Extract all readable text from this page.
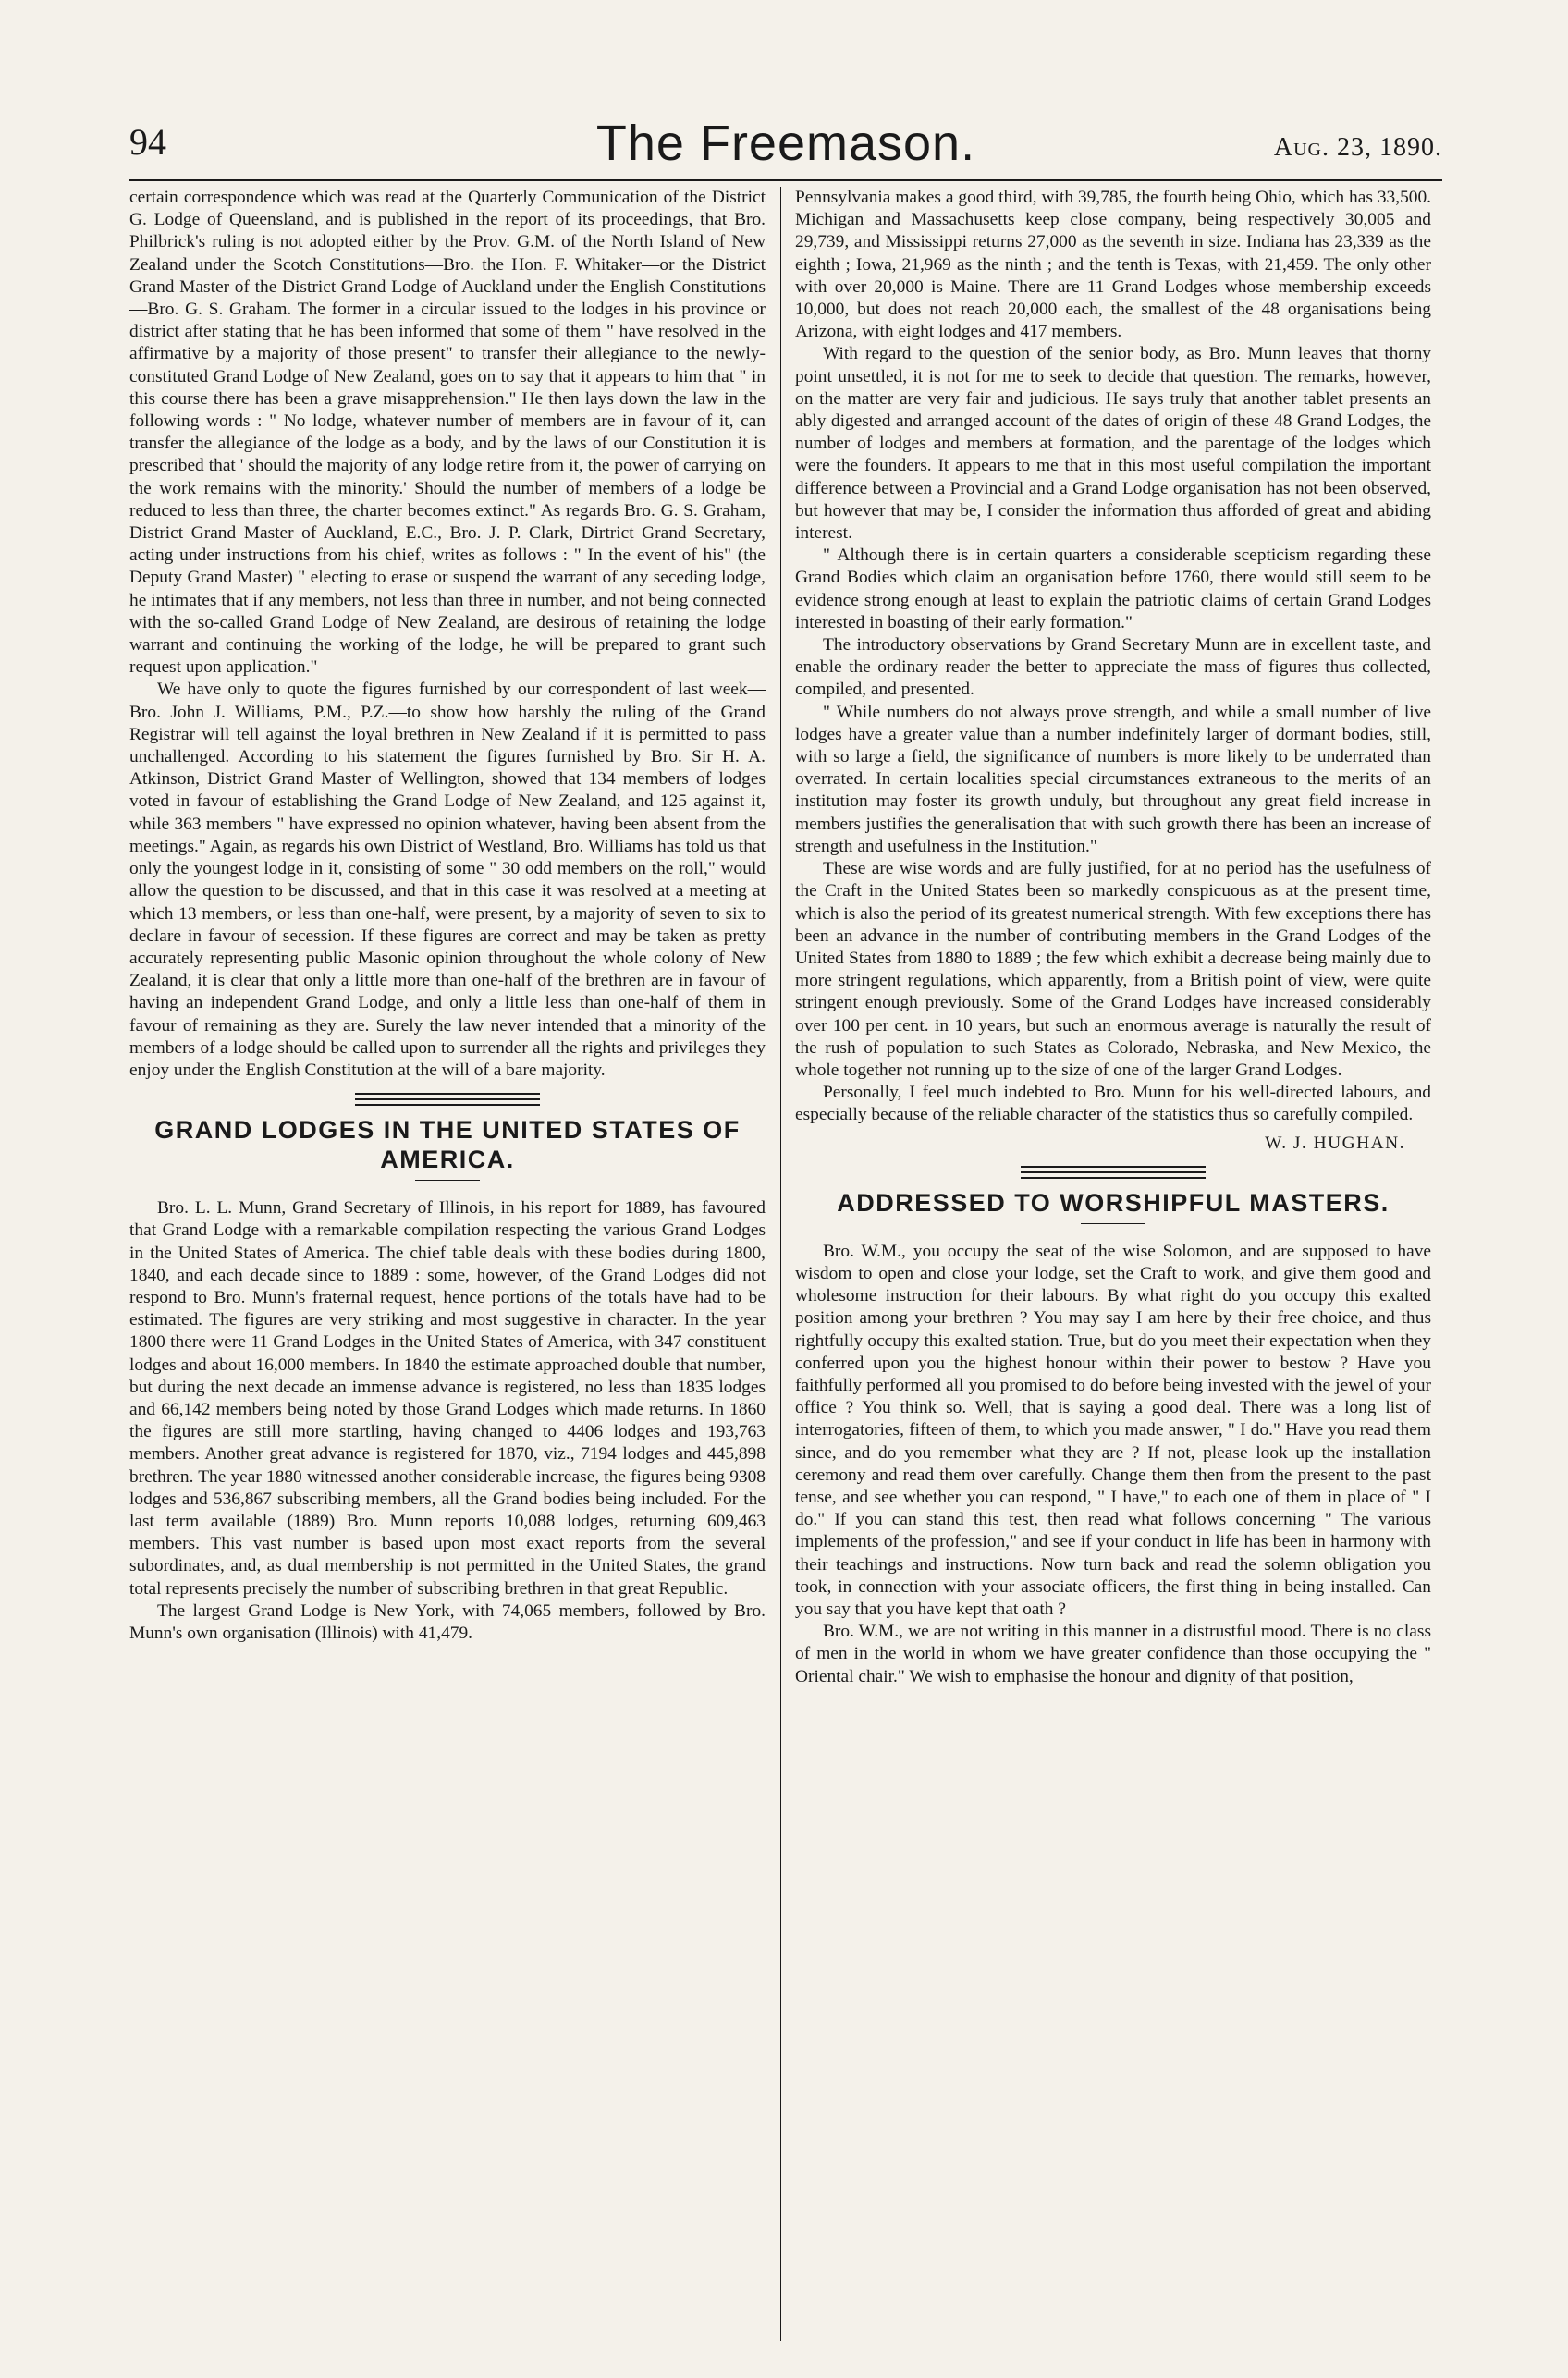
94	The Freemason.	Aug. 23, 1890.

certain correspondence which was read at the Quarterly Communication of the District G. Lodge of Queensland, and is published in the report of its proceedings, that Bro. Philbrick's ruling is not adopted either by the Prov. G.M. of the North Island of New Zealand under the Scotch Constitutions—Bro. the Hon. F. Whitaker—or the District Grand Master of the District Grand Lodge of Auckland under the English Constitutions—Bro. G. S. Graham. The former in a circular issued to the lodges in his province or district after stating that he has been informed that some of them " have resolved in the affirmative by a majority of those present" to transfer their allegiance to the newly-constituted Grand Lodge of New Zealand, goes on to say that it appears to him that " in this course there has been a grave misapprehension." He then lays down the law in the following words : " No lodge, whatever number of members are in favour of it, can transfer the allegiance of the lodge as a body, and by the laws of our Constitution it is prescribed that ' should the majority of any lodge retire from it, the power of carrying on the work remains with the minority.' Should the number of members of a lodge be reduced to less than three, the charter becomes extinct." As regards Bro. G. S. Graham, District Grand Master of Auckland, E.C., Bro. J. P. Clark, Dirtrict Grand Secretary, acting under instructions from his chief, writes as follows : " In the event of his" (the Deputy Grand Master) " electing to erase or suspend the warrant of any seceding lodge, he intimates that if any members, not less than three in number, and not being connected with the so-called Grand Lodge of New Zealand, are desirous of retaining the lodge warrant and continuing the working of the lodge, he will be prepared to grant such request upon application."

We have only to quote the figures furnished by our correspondent of last week—Bro. John J. Williams, P.M., P.Z.—to show how harshly the ruling of the Grand Registrar will tell against the loyal brethren in New Zealand if it is permitted to pass unchallenged. According to his statement the figures furnished by Bro. Sir H. A. Atkinson, District Grand Master of Wellington, showed that 134 members of lodges voted in favour of establishing the Grand Lodge of New Zealand, and 125 against it, while 363 members " have expressed no opinion whatever, having been absent from the meetings." Again, as regards his own District of Westland, Bro. Williams has told us that only the youngest lodge in it, consisting of some " 30 odd members on the roll," would allow the question to be discussed, and that in this case it was resolved at a meeting at which 13 members, or less than one-half, were present, by a majority of seven to six to declare in favour of secession. If these figures are correct and may be taken as pretty accurately representing public Masonic opinion throughout the whole colony of New Zealand, it is clear that only a little more than one-half of the brethren are in favour of having an independent Grand Lodge, and only a little less than one-half of them in favour of remaining as they are. Surely the law never intended that a minority of the members of a lodge should be called upon to surrender all the rights and privileges they enjoy under the English Constitution at the will of a bare majority.

GRAND LODGES IN THE UNITED STATES OF AMERICA.

Bro. L. L. Munn, Grand Secretary of Illinois, in his report for 1889, has favoured that Grand Lodge with a remarkable compilation respecting the various Grand Lodges in the United States of America. The chief table deals with these bodies during 1800, 1840, and each decade since to 1889 : some, however, of the Grand Lodges did not respond to Bro. Munn's fraternal request, hence portions of the totals have had to be estimated. The figures are very striking and most suggestive in character. In the year 1800 there were 11 Grand Lodges in the United States of America, with 347 constituent lodges and about 16,000 members. In 1840 the estimate approached double that number, but during the next decade an immense advance is registered, no less than 1835 lodges and 66,142 members being noted by those Grand Lodges which made returns. In 1860 the figures are still more startling, having changed to 4406 lodges and 193,763 members. Another great advance is registered for 1870, viz., 7194 lodges and 445,898 brethren. The year 1880 witnessed another considerable increase, the figures being 9308 lodges and 536,867 subscribing members, all the Grand bodies being included. For the last term available (1889) Bro. Munn reports 10,088 lodges, returning 609,463 members. This vast number is based upon most exact reports from the several subordinates, and, as dual membership is not permitted in the United States, the grand total represents precisely the number of subscribing brethren in that great Republic.

The largest Grand Lodge is New York, with 74,065 members, followed by Bro. Munn's own organisation (Illinois) with 41,479.

Pennsylvania makes a good third, with 39,785, the fourth being Ohio, which has 33,500. Michigan and Massachusetts keep close company, being respectively 30,005 and 29,739, and Mississippi returns 27,000 as the seventh in size. Indiana has 23,339 as the eighth ; Iowa, 21,969 as the ninth ; and the tenth is Texas, with 21,459. The only other with over 20,000 is Maine. There are 11 Grand Lodges whose membership exceeds 10,000, but does not reach 20,000 each, the smallest of the 48 organisations being Arizona, with eight lodges and 417 members.

With regard to the question of the senior body, as Bro. Munn leaves that thorny point unsettled, it is not for me to seek to decide that question. The remarks, however, on the matter are very fair and judicious. He says truly that another tablet presents an ably digested and arranged account of the dates of origin of these 48 Grand Lodges, the number of lodges and members at formation, and the parentage of the lodges which were the founders. It appears to me that in this most useful compilation the important difference between a Provincial and a Grand Lodge organisation has not been observed, but however that may be, I consider the information thus afforded of great and abiding interest.

" Although there is in certain quarters a considerable scepticism regarding these Grand Bodies which claim an organisation before 1760, there would still seem to be evidence strong enough at least to explain the patriotic claims of certain Grand Lodges interested in boasting of their early formation."

The introductory observations by Grand Secretary Munn are in excellent taste, and enable the ordinary reader the better to appreciate the mass of figures thus collected, compiled, and presented.

" While numbers do not always prove strength, and while a small number of live lodges have a greater value than a number indefinitely larger of dormant bodies, still, with so large a field, the significance of numbers is more likely to be underrated than overrated. In certain localities special circumstances extraneous to the merits of an institution may foster its growth unduly, but throughout any great field increase in members justifies the generalisation that with such growth there has been an increase of strength and usefulness in the Institution."

These are wise words and are fully justified, for at no period has the usefulness of the Craft in the United States been so markedly conspicuous as at the present time, which is also the period of its greatest numerical strength. With few exceptions there has been an advance in the number of contributing members in the Grand Lodges of the United States from 1880 to 1889 ; the few which exhibit a decrease being mainly due to more stringent regulations, which apparently, from a British point of view, were quite stringent enough previously. Some of the Grand Lodges have increased considerably over 100 per cent. in 10 years, but such an enormous average is naturally the result of the rush of population to such States as Colorado, Nebraska, and New Mexico, the whole together not running up to the size of one of the larger Grand Lodges.

Personally, I feel much indebted to Bro. Munn for his well-directed labours, and especially because of the reliable character of the statistics thus so carefully compiled.

W. J. HUGHAN.
ADDRESSED TO WORSHIPFUL MASTERS.

Bro. W.M., you occupy the seat of the wise Solomon, and are supposed to have wisdom to open and close your lodge, set the Craft to work, and give them good and wholesome instruction for their labours. By what right do you occupy this exalted position among your brethren ? You may say I am here by their free choice, and thus rightfully occupy this exalted station. True, but do you meet their expectation when they conferred upon you the highest honour within their power to bestow ? Have you faithfully performed all you promised to do before being invested with the jewel of your office ? You think so. Well, that is saying a good deal. There was a long list of interrogatories, fifteen of them, to which you made answer, " I do." Have you read them since, and do you remember what they are ? If not, please look up the installation ceremony and read them over carefully. Change them then from the present to the past tense, and see whether you can respond, " I have," to each one of them in place of " I do." If you can stand this test, then read what follows concerning " The various implements of the profession," and see if your conduct in life has been in harmony with their teachings and instructions. Now turn back and read the solemn obligation you took, in connection with your associate officers, the first thing in being installed. Can you say that you have kept that oath ?

Bro. W.M., we are not writing in this manner in a distrustful mood. There is no class of men in the world in whom we have greater confidence than those occupying the " Oriental chair." We wish to emphasise the honour and dignity of that position,
